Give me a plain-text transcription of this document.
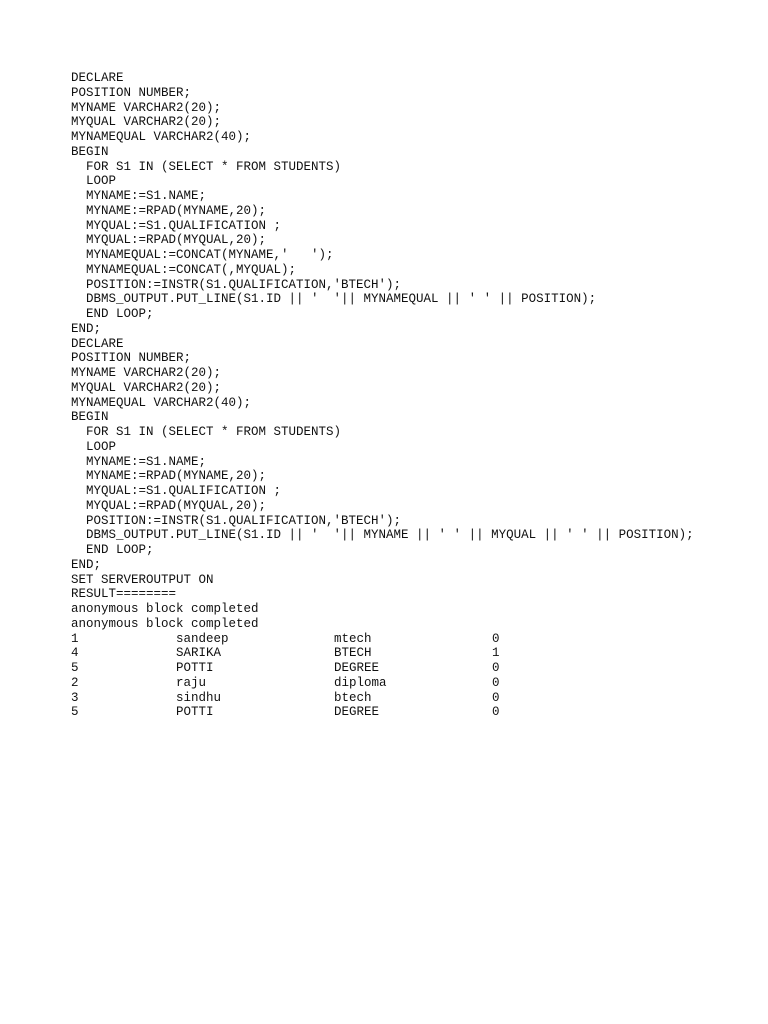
DECLARE
POSITION NUMBER;
MYNAME VARCHAR2(20);
MYQUAL VARCHAR2(20);
MYNAMEQUAL VARCHAR2(40);
BEGIN
FOR S1 IN (SELECT * FROM STUDENTS)
LOOP
MYNAME:=S1.NAME;
MYNAME:=RPAD(MYNAME,20);
MYQUAL:=S1.QUALIFICATION ;
MYQUAL:=RPAD(MYQUAL,20);
MYNAMEQUAL:=CONCAT(MYNAME,'   ');
MYNAMEQUAL:=CONCAT(,MYQUAL);
POSITION:=INSTR(S1.QUALIFICATION,'BTECH');
DBMS_OUTPUT.PUT_LINE(S1.ID || '  '|| MYNAMEQUAL || ' ' || POSITION);
END LOOP;
END;
DECLARE
POSITION NUMBER;
MYNAME VARCHAR2(20);
MYQUAL VARCHAR2(20);
MYNAMEQUAL VARCHAR2(40);
BEGIN
FOR S1 IN (SELECT * FROM STUDENTS)
LOOP
MYNAME:=S1.NAME;
MYNAME:=RPAD(MYNAME,20);
MYQUAL:=S1.QUALIFICATION ;
MYQUAL:=RPAD(MYQUAL,20);
POSITION:=INSTR(S1.QUALIFICATION,'BTECH');
DBMS_OUTPUT.PUT_LINE(S1.ID || '  '|| MYNAME || ' ' || MYQUAL || ' ' || POSITION);
END LOOP;
END;
SET SERVEROUTPUT ON
RESULT========
anonymous block completed
anonymous block completed
1	sandeep	mtech	0
4	SARIKA	BTECH	1
5	POTTI	DEGREE	0
2	raju	diploma	0
3	sindhu	btech	0
5	POTTI	DEGREE	0
